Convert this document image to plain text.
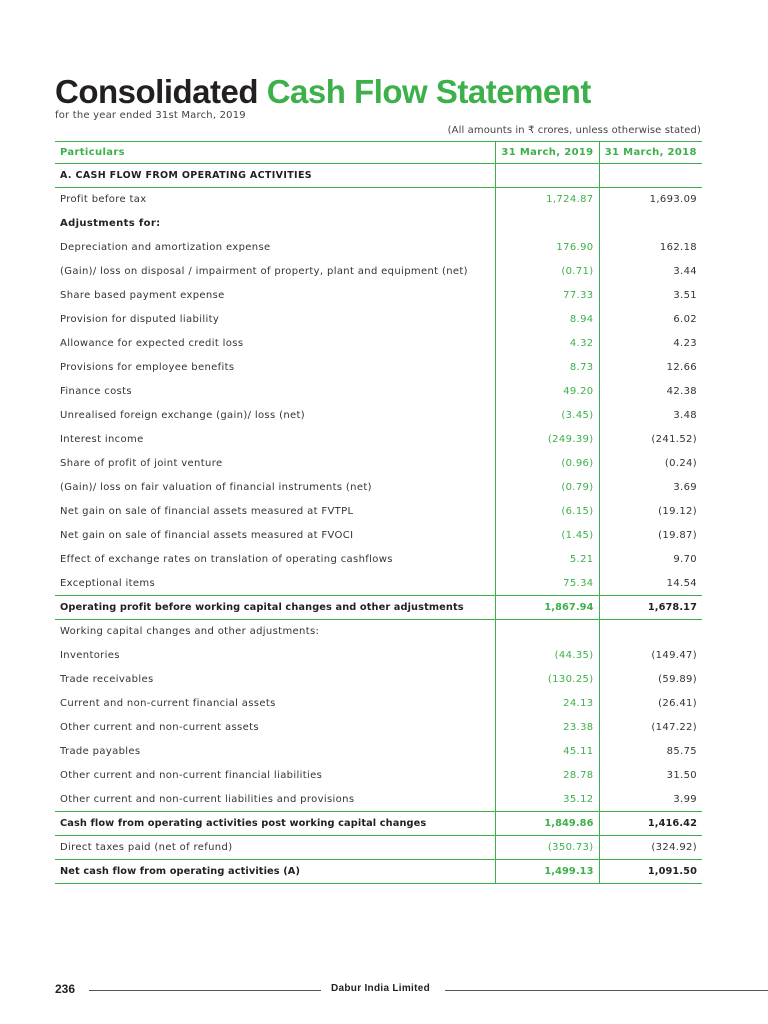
Consolidated Cash Flow Statement
for the year ended 31st March, 2019
(All amounts in ₹ crores, unless otherwise stated)
Particulars	31 March, 2019	31 March, 2018
A. CASH FLOW FROM OPERATING ACTIVITIES		
Profit before tax	1,724.87	1,693.09
Adjustments for:		
Depreciation and amortization expense	176.90	162.18
(Gain)/ loss on disposal / impairment of property, plant and equipment (net)	(0.71)	3.44
Share based payment expense	77.33	3.51
Provision for disputed liability	8.94	6.02
Allowance for expected credit loss	4.32	4.23
Provisions for employee benefits	8.73	12.66
Finance costs	49.20	42.38
Unrealised foreign exchange (gain)/ loss (net)	(3.45)	3.48
Interest income	(249.39)	(241.52)
Share of profit of joint venture	(0.96)	(0.24)
(Gain)/ loss on fair valuation of financial instruments (net)	(0.79)	3.69
Net gain on sale of financial assets measured at FVTPL	(6.15)	(19.12)
Net gain on sale of financial assets measured at FVOCI	(1.45)	(19.87)
Effect of exchange rates on translation of operating cashflows	5.21	9.70
Exceptional items	75.34	14.54
Operating profit before working capital changes and other adjustments	1,867.94	1,678.17
Working capital changes and other adjustments:		
Inventories	(44.35)	(149.47)
Trade receivables	(130.25)	(59.89)
Current and non-current financial assets	24.13	(26.41)
Other current and non-current assets	23.38	(147.22)
Trade payables	45.11	85.75
Other current and non-current financial liabilities	28.78	31.50
Other current and non-current liabilities and provisions	35.12	3.99
Cash flow from operating activities post working capital changes	1,849.86	1,416.42
Direct taxes paid (net of refund)	(350.73)	(324.92)
Net cash flow from operating activities (A)	1,499.13	1,091.50
236	Dabur India Limited
